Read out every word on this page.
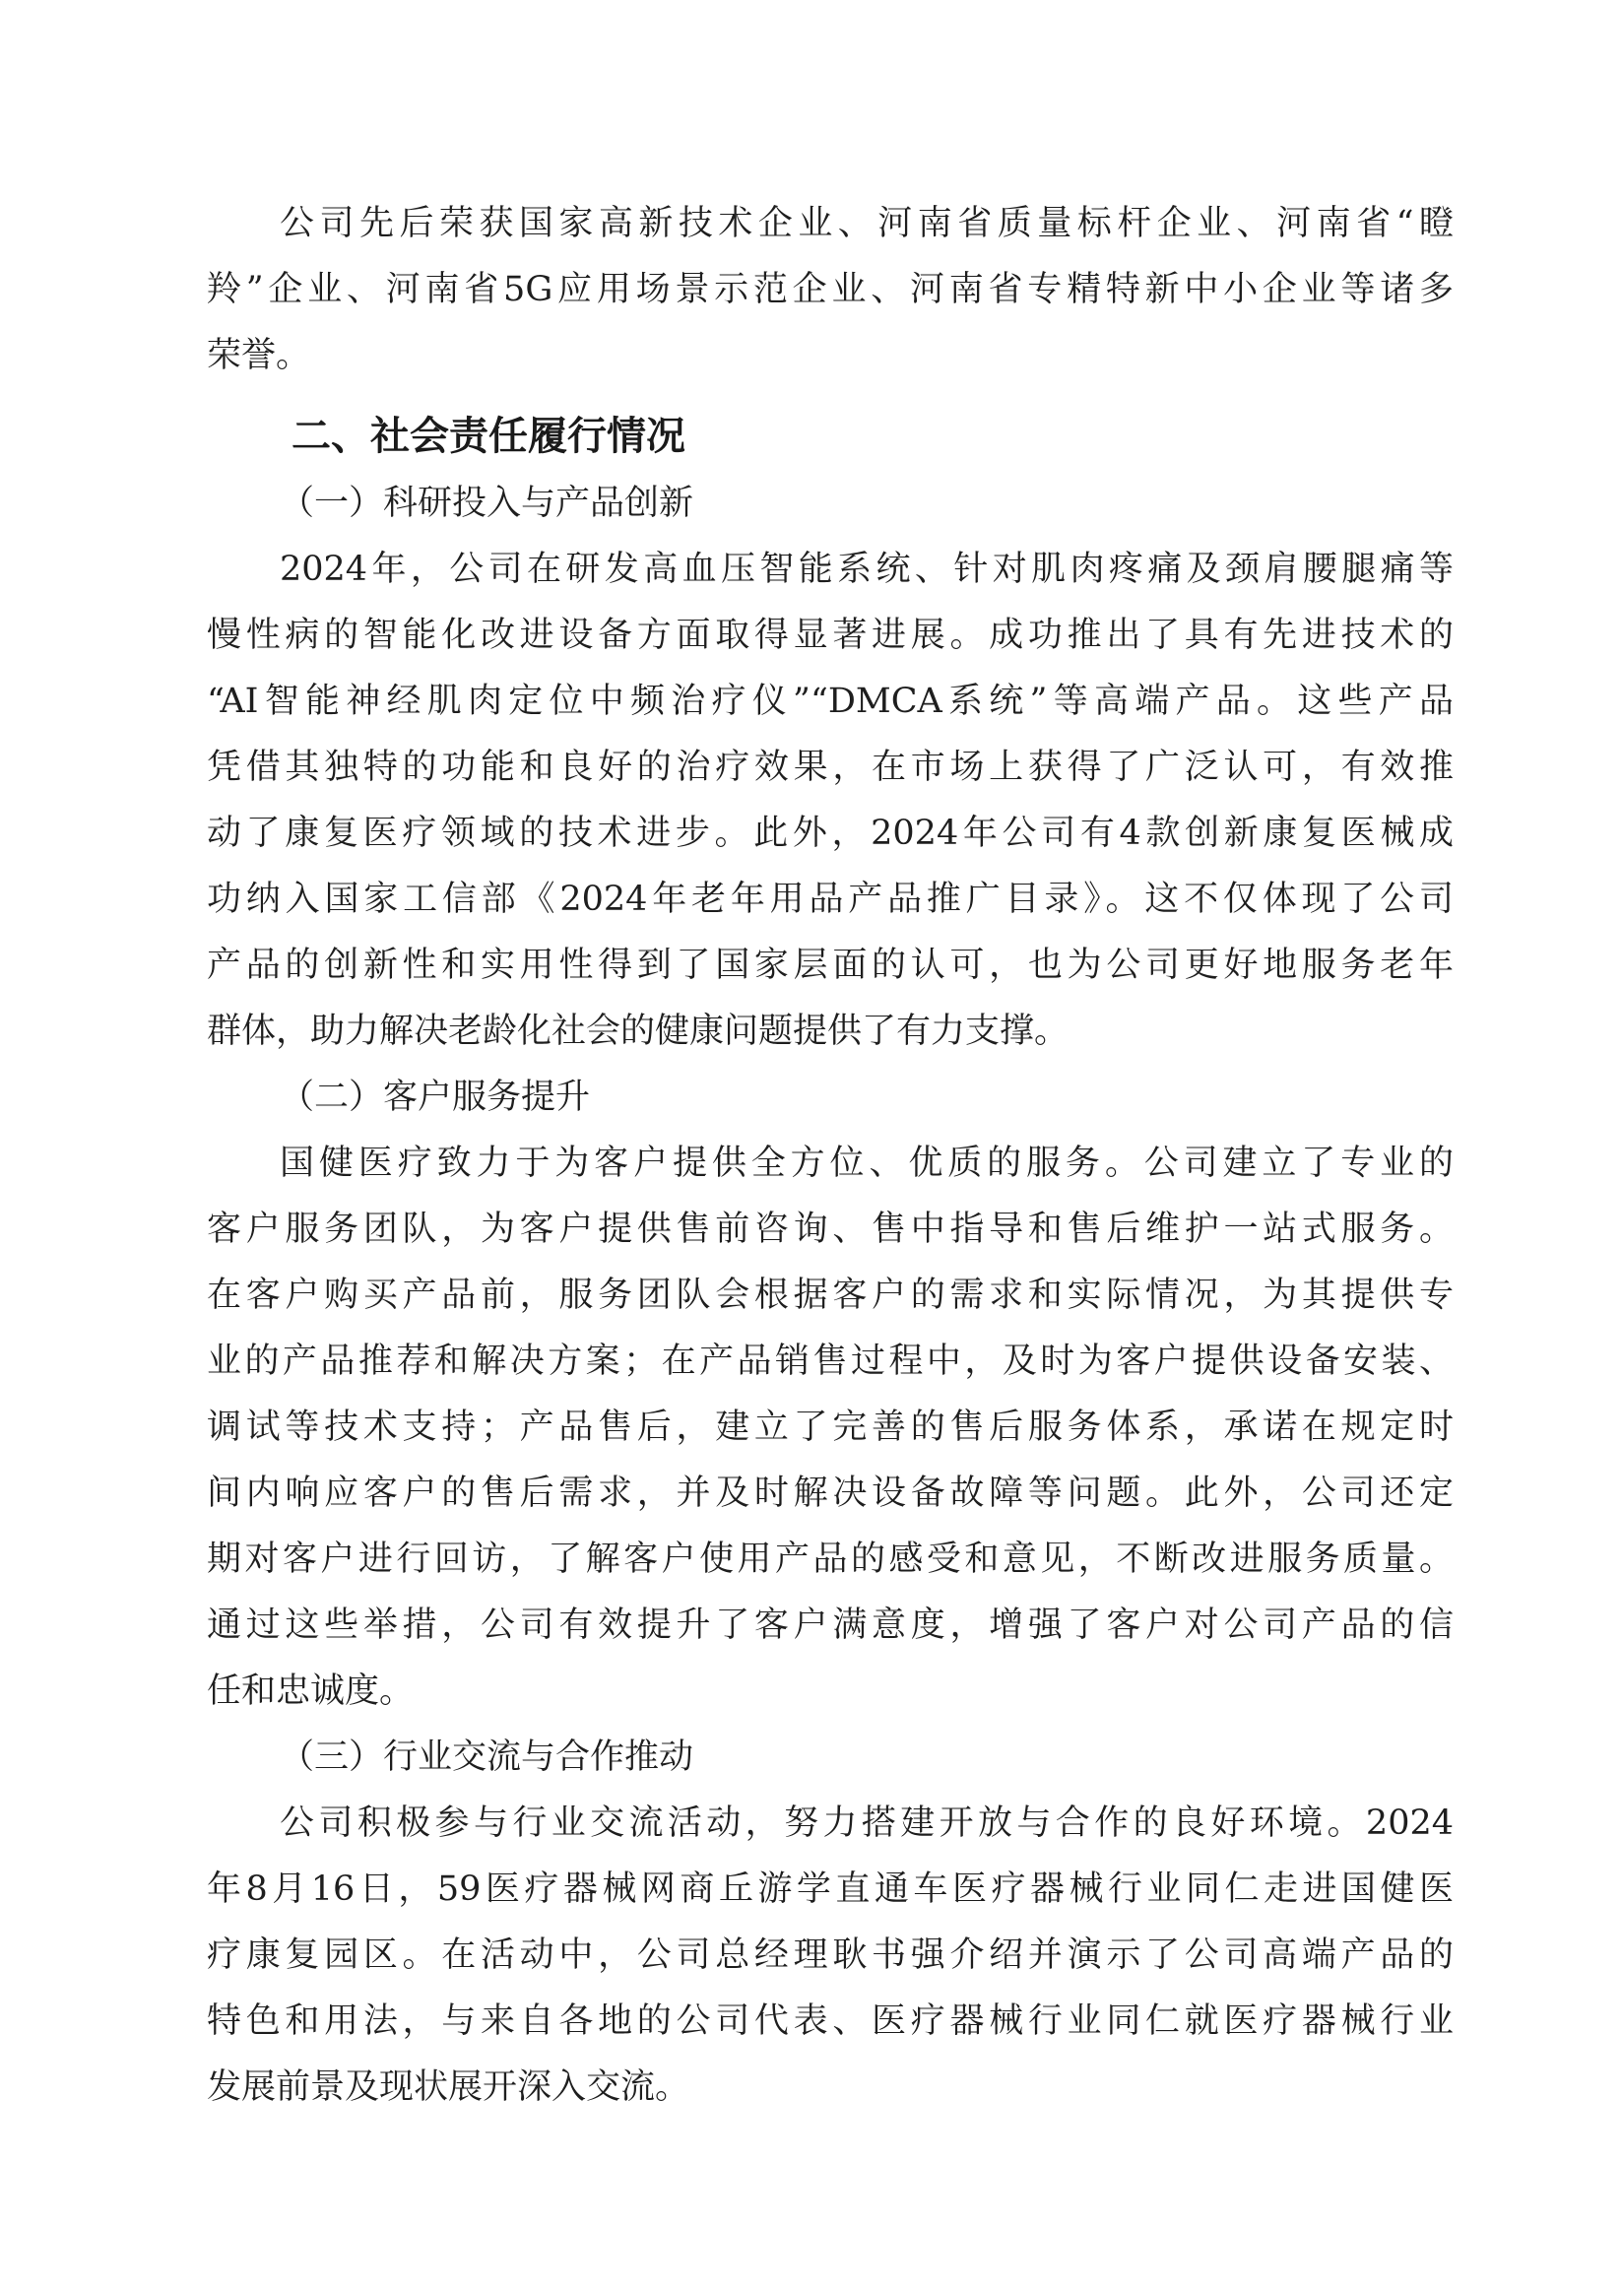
公司先后荣获国家高新技术企业、河南省质量标杆企业、河南省“瞪
羚”企业、河南省5G应用场景示范企业、河南省专精特新中小企业等诸多
荣誉。
二、社会责任履行情况
（一）科研投入与产品创新
2024年，公司在研发高血压智能系统、针对肌肉疼痛及颈肩腰腿痛等
慢性病的智能化改进设备方面取得显著进展。成功推出了具有先进技术的
“AI智能神经肌肉定位中频治疗仪”“DMCA系统”等高端产品。这些产品
凭借其独特的功能和良好的治疗效果，在市场上获得了广泛认可，有效推
动了康复医疗领域的技术进步。此外，2024年公司有4款创新康复医械成
功纳入国家工信部《2024年老年用品产品推广目录》。这不仅体现了公司
产品的创新性和实用性得到了国家层面的认可，也为公司更好地服务老年
群体，助力解决老龄化社会的健康问题提供了有力支撑。
（二）客户服务提升
国健医疗致力于为客户提供全方位、优质的服务。公司建立了专业的
客户服务团队，为客户提供售前咨询、售中指导和售后维护一站式服务。
在客户购买产品前，服务团队会根据客户的需求和实际情况，为其提供专
业的产品推荐和解决方案；在产品销售过程中，及时为客户提供设备安装、
调试等技术支持；产品售后，建立了完善的售后服务体系，承诺在规定时
间内响应客户的售后需求，并及时解决设备故障等问题。此外，公司还定
期对客户进行回访，了解客户使用产品的感受和意见，不断改进服务质量。
通过这些举措，公司有效提升了客户满意度，增强了客户对公司产品的信
任和忠诚度。
（三）行业交流与合作推动
公司积极参与行业交流活动，努力搭建开放与合作的良好环境。2024
年8月16日，59医疗器械网商丘游学直通车医疗器械行业同仁走进国健医
疗康复园区。在活动中，公司总经理耿书强介绍并演示了公司高端产品的
特色和用法，与来自各地的公司代表、医疗器械行业同仁就医疗器械行业
发展前景及现状展开深入交流。
